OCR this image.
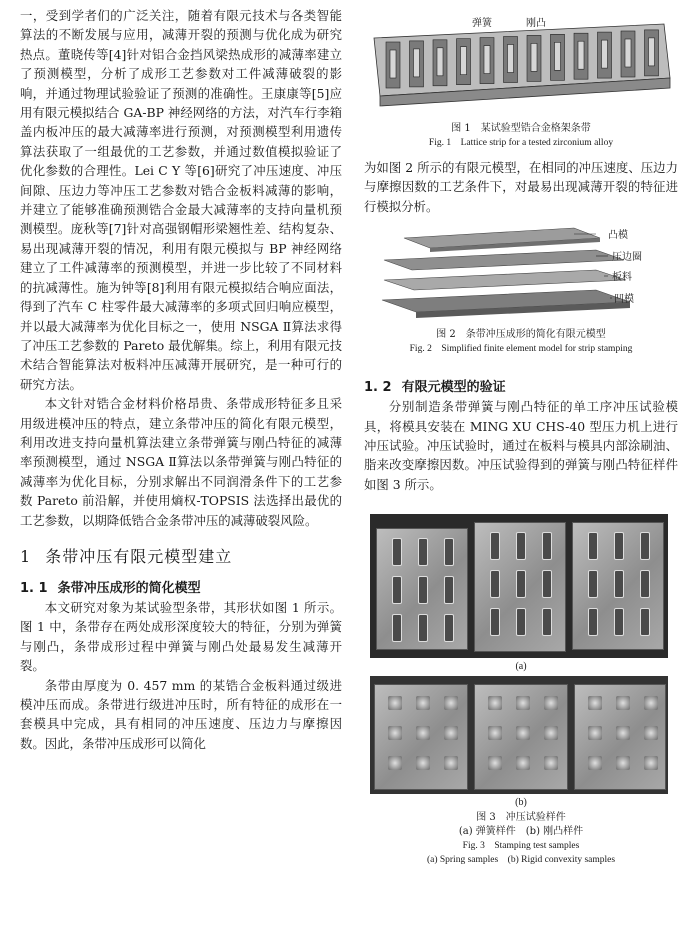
一，受到学者们的广泛关注，随着有限元技术与各类智能算法的不断发展与应用，减薄开裂的预测与优化成为研究热点。董晓传等[4]针对铝合金挡风梁热成形的减薄率建立了预测模型，分析了成形工艺参数对工件减薄破裂的影响，并通过物理试验验证了预测的准确性。王康康等[5]应用有限元模拟结合 GA-BP 神经网络的方法，对汽车行李箱盖内板冲压的最大减薄率进行预测，对预测模型利用遗传算法获取了一组最优的工艺参数，并通过数值模拟验证了优化参数的合理性。Lei C Y 等[6]研究了冲压速度、冲压间隙、压边力等冲压工艺参数对锆合金板料减薄的影响，并建立了能够准确预测锆合金最大减薄率的支持向量机预测模型。庞秋等[7]针对高强钢帽形梁翘性差、结构复杂、易出现减薄开裂的情况，利用有限元模拟与 BP 神经网络建立了工件减薄率的预测模型，并进一步比较了不同材料的抗减薄性。施为钟等[8]利用有限元模拟结合响应面法，得到了汽车 C 柱零件最大减薄率的多项式回归响应模型，并以最大减薄率为优化目标之一，使用 NSGA Ⅱ算法求得了冲压工艺参数的 Pareto 最优解集。综上，利用有限元技术结合智能算法对板料冲压减薄开展研究，是一种可行的研究方法。

本文针对锆合金材料价格昂贵、条带成形特征多且采用级进模冲压的特点，建立条带冲压的简化有限元模型，利用改进支持向量机算法建立条带弹簧与刚凸特征的减薄率预测模型，通过 NSGA Ⅱ算法以条带弹簧与刚凸特征的减薄率为优化目标，分别求解出不同润滑条件下的工艺参数 Pareto 前沿解，并使用熵权-TOPSIS 法选择出最优的工艺参数，以期降低锆合金条带冲压的减薄破裂风险。

1 条带冲压有限元模型建立
1. 1 条带冲压成形的简化模型

本文研究对象为某试验型条带，其形状如图 1 所示。图 1 中，条带存在两处成形深度较大的特征，分别为弹簧与刚凸，条带成形过程中弹簧与刚凸处最易发生减薄开裂。

条带由厚度为 0. 457 mm 的某锆合金板料通过级进模冲压而成。条带进行级进冲压时，所有特征的成形在一套模具中完成，具有相同的冲压速度、压边力与摩擦因数。因此，条带冲压成形可以简化

弹簧	刚凸
图 1　某试验型锆合金格架条带
Fig. 1　Lattice strip for a tested zirconium alloy

为如图 2 所示的有限元模型，在相同的冲压速度、压边力与摩擦因数的工艺条件下，对最易出现减薄开裂的特征进行模拟分析。

凸模
压边圈
板料
凹模
图 2　条带冲压成形的简化有限元模型
Fig. 2　Simplified finite element model for strip stamping
1. 2 有限元模型的验证

分别制造条带弹簧与刚凸特征的单工序冲压试验模具，将模具安装在 MING XU CHS-40 型压力机上进行冲压试验。冲压试验时，通过在板料与模具内部涂刷油、脂来改变摩擦因数。冲压试验得到的弹簧与刚凸特征样件如图 3 所示。

(a)
(b)
图 3　冲压试验样件
(a) 弹簧样件　(b) 刚凸样件
Fig. 3　Stamping test samples
(a) Spring samples　(b) Rigid convexity samples
